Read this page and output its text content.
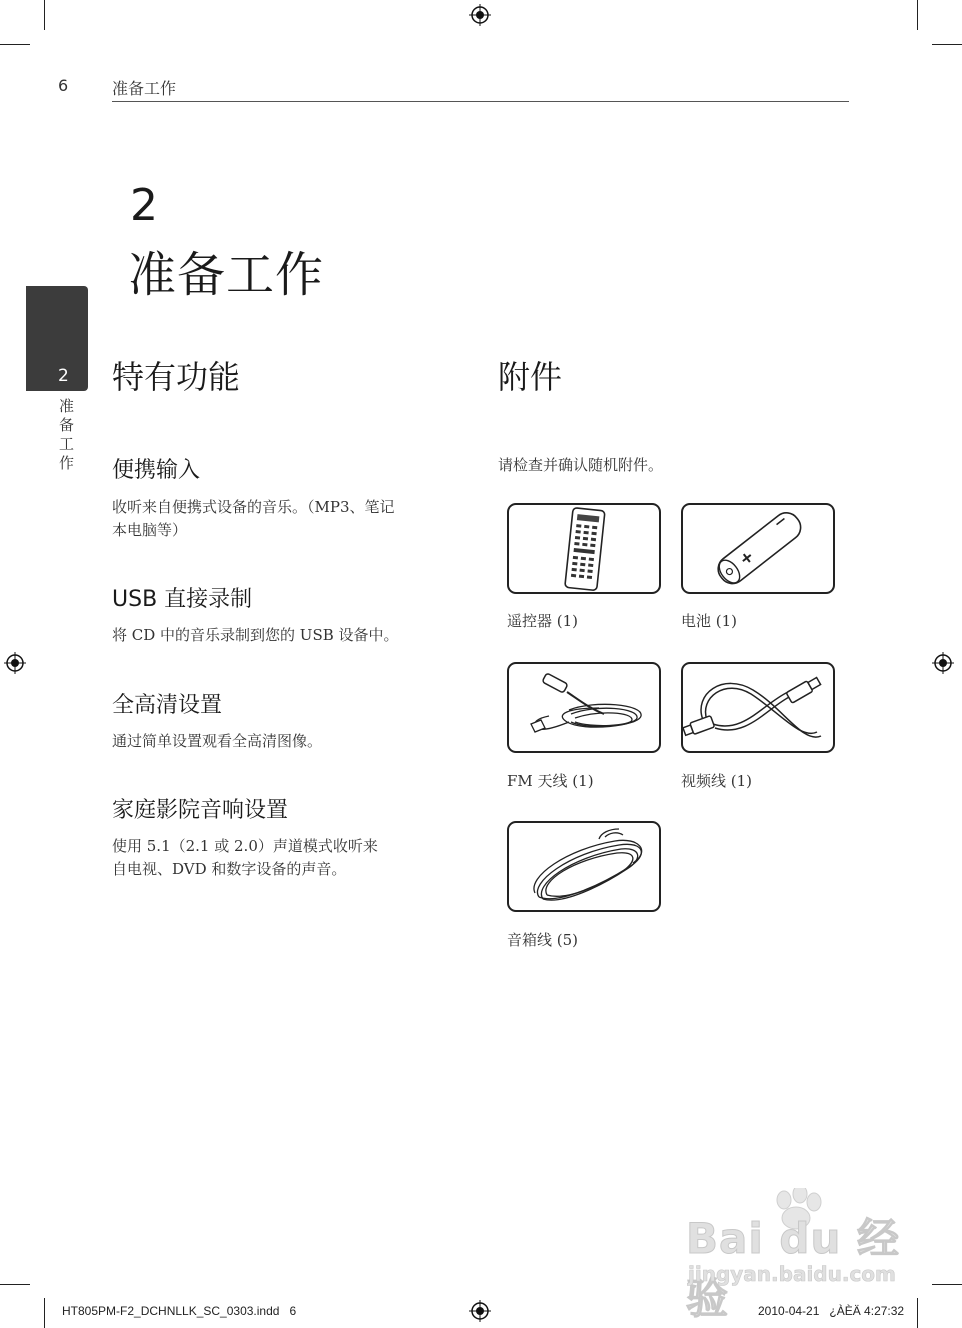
6	准备工作
2
准备工作
2
准备工作
特有功能
便携输入
收听来自便携式设备的音乐。（MP3、笔记
本电脑等）
USB 直接录制
将 CD 中的音乐录制到您的 USB 设备中。
全高清设置
通过简单设置观看全高清图像。
家庭影院音响设置
使用 5.1（2.1 或 2.0）声道模式收听来
自电视、DVD 和数字设备的声音。
附件
请检查并确认随机附件。
遥控器 (1)	电池 (1)
FM 天线 (1)	视频线 (1)
音箱线 (5)
Bai du 经验
jingyan.baidu.com
HT805PM-F2_DCHNLLK_SC_0303.indd   6	2010-04-21   ¿ÀÈÄ 4:27:32
